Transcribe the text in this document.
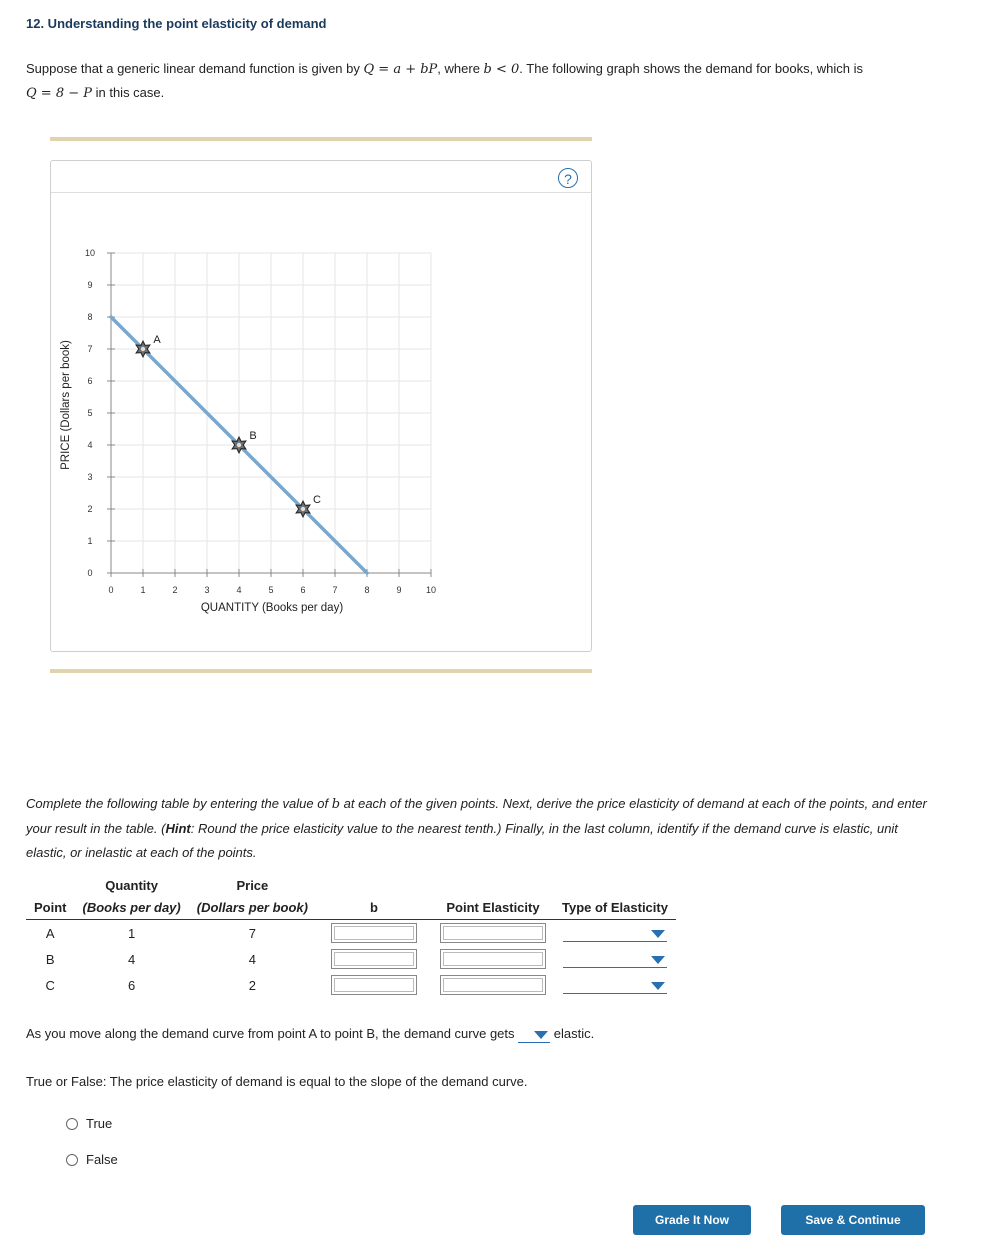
12. Understanding the point elasticity of demand
Suppose that a generic linear demand function is given by Q = a + bP, where b < 0. The following graph shows the demand for books, which is
Q = 8 − P in this case.
?
0	1	2	3	4	5	6	7	8	9	10
0
1
2
3
4
5
6
7
8
9
10
A
B
C
QUANTITY (Books per day)
PRICE (Dollars per book)
Complete the following table by entering the value of b at each of the given points. Next, derive the price elasticity of demand at each of the points, and enter your result in the table. (Hint: Round the price elasticity value to the nearest tenth.) Finally, in the last column, identify if the demand curve is elastic, unit elastic, or inelastic at each of the points.
	Quantity	Price			
Point	(Books per day)	(Dollars per book)	b	Point Elasticity	Type of Elasticity
A	1	7			

B	4	4			

C	6	2			
As you move along the demand curve from point A to point B, the demand curve gets	elastic.
True or False: The price elasticity of demand is equal to the slope of the demand curve.
True
False
Grade It Now	Save & Continue
